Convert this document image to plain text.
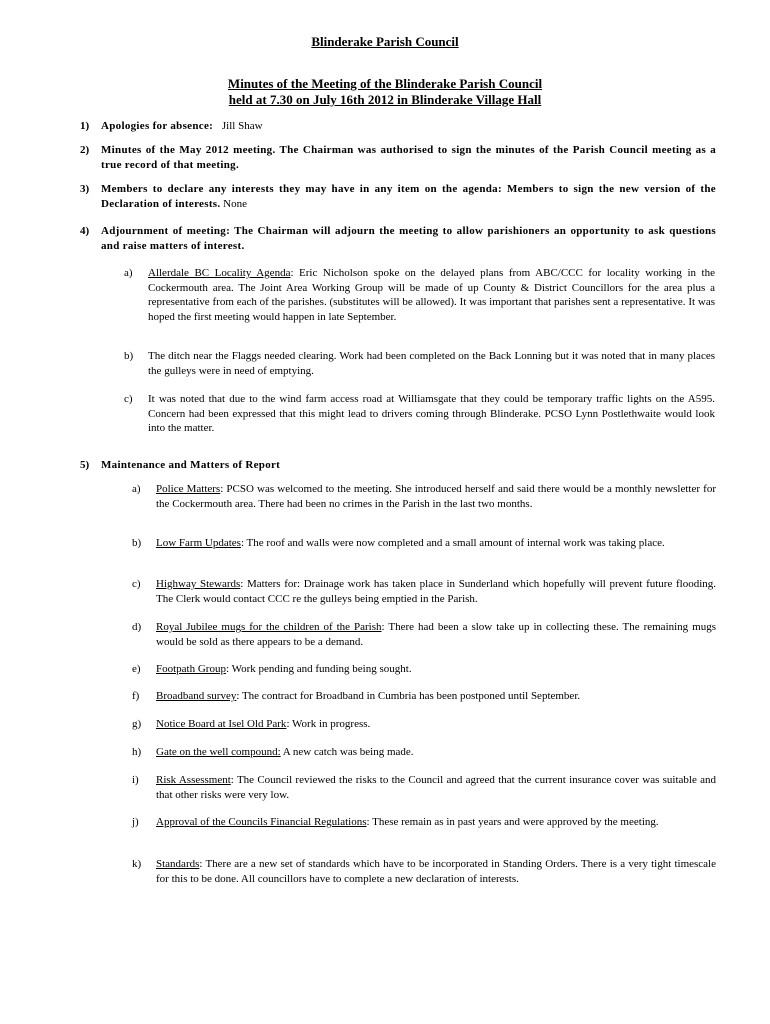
Blinderake Parish Council
Minutes of the Meeting of the Blinderake Parish Council
held at 7.30 on July 16th 2012 in Blinderake Village Hall
1) Apologies for absence: Jill Shaw
2) Minutes of the May 2012 meeting. The Chairman was authorised to sign the minutes of the Parish Council meeting as a true record of that meeting.
3) Members to declare any interests they may have in any item on the agenda: Members to sign the new version of the Declaration of interests. None
4) Adjournment of meeting: The Chairman will adjourn the meeting to allow parishioners an opportunity to ask questions and raise matters of interest.
a) Allerdale BC Locality Agenda: Eric Nicholson spoke on the delayed plans from ABC/CCC for locality working in the Cockermouth area. The Joint Area Working Group will be made of up County & District Councillors for the area plus a representative from each of the parishes. (substitutes will be allowed). It was important that parishes sent a representative. It was hoped the first meeting would happen in late September.
b) The ditch near the Flaggs needed clearing. Work had been completed on the Back Lonning but it was noted that in many places the gulleys were in need of emptying.
c) It was noted that due to the wind farm access road at Williamsgate that they could be temporary traffic lights on the A595. Concern had been expressed that this might lead to drivers coming through Blinderake. PCSO Lynn Postlethwaite would look into the matter.
5) Maintenance and Matters of Report
a) Police Matters: PCSO was welcomed to the meeting. She introduced herself and said there would be a monthly newsletter for the Cockermouth area. There had been no crimes in the Parish in the last two months.
b) Low Farm Updates: The roof and walls were now completed and a small amount of internal work was taking place.
c) Highway Stewards: Matters for: Drainage work has taken place in Sunderland which hopefully will prevent future flooding. The Clerk would contact CCC re the gulleys being emptied in the Parish.
d) Royal Jubilee mugs for the children of the Parish: There had been a slow take up in collecting these. The remaining mugs would be sold as there appears to be a demand.
e) Footpath Group: Work pending and funding being sought.
f) Broadband survey: The contract for Broadband in Cumbria has been postponed until September.
g) Notice Board at Isel Old Park: Work in progress.
h) Gate on the well compound: A new catch was being made.
i) Risk Assessment: The Council reviewed the risks to the Council and agreed that the current insurance cover was suitable and that other risks were very low.
j) Approval of the Councils Financial Regulations: These remain as in past years and were approved by the meeting.
k) Standards: There are a new set of standards which have to be incorporated in Standing Orders. There is a very tight timescale for this to be done. All councillors have to complete a new declaration of interests.
